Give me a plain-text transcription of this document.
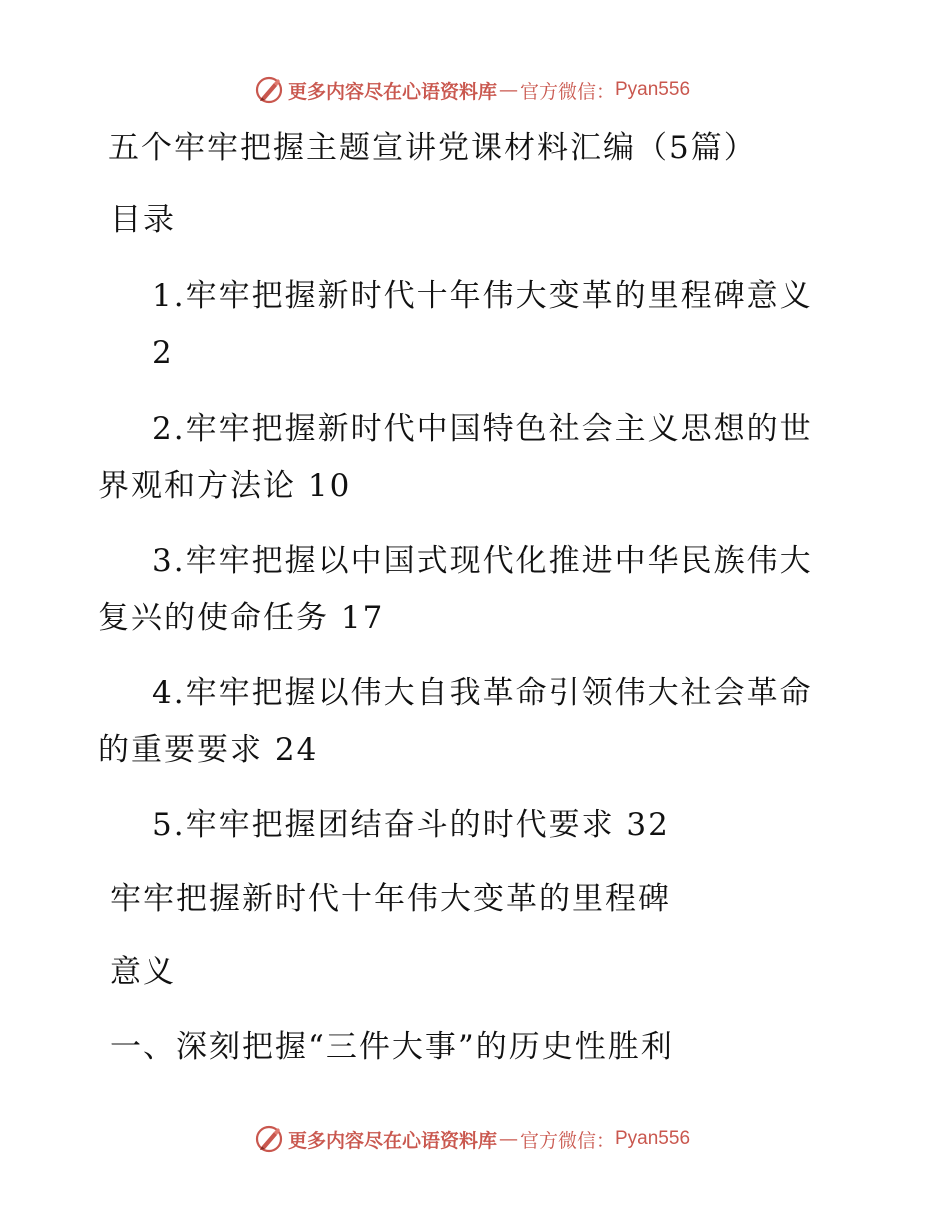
更多内容尽在心语资料库 — 官方微信： Pyan556
五个牢牢把握主题宣讲党课材料汇编（5篇）
目录
1.牢牢把握新时代十年伟大变革的里程碑意义
2
2.牢牢把握新时代中国特色社会主义思想的世
界观和方法论 10
3.牢牢把握以中国式现代化推进中华民族伟大
复兴的使命任务 17
4.牢牢把握以伟大自我革命引领伟大社会革命
的重要要求 24
5.牢牢把握团结奋斗的时代要求 32
牢牢把握新时代十年伟大变革的里程碑
意义
一、深刻把握“三件大事”的历史性胜利
更多内容尽在心语资料库 — 官方微信： Pyan556
